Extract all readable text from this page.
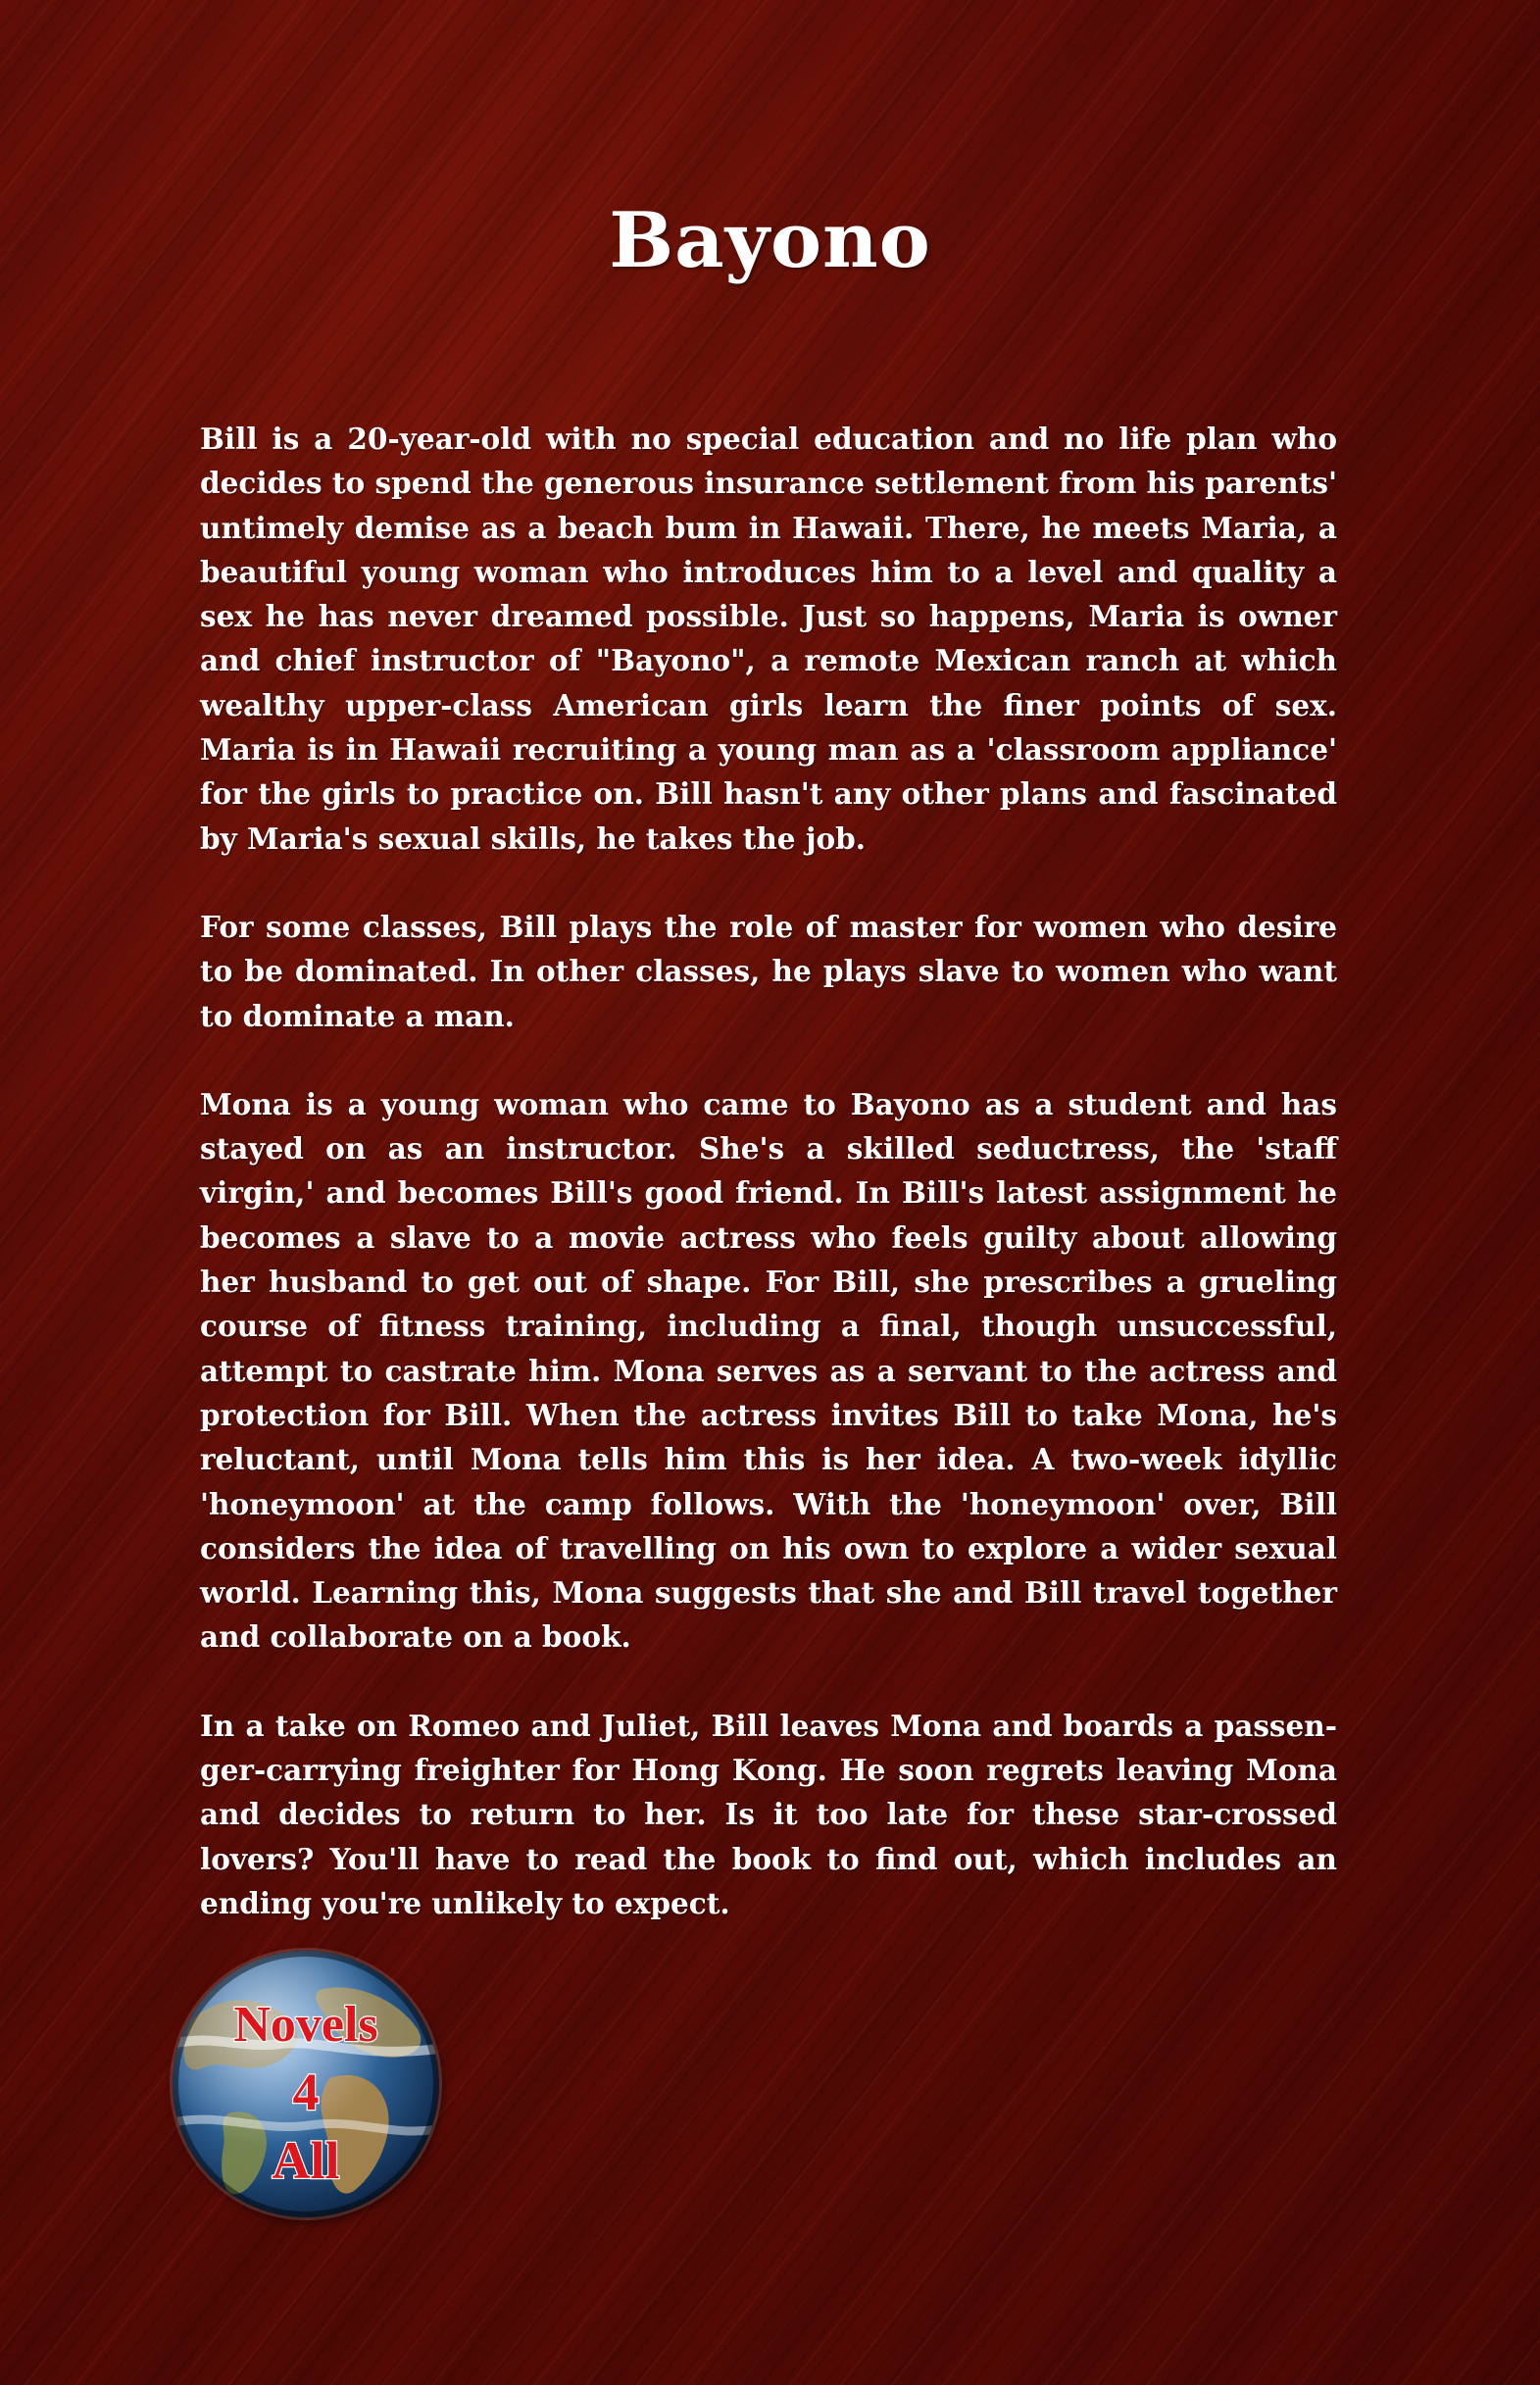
Bayono

Bill is a 20-year-old with no special education and no life plan who decides to spend the generous insurance settlement from his parents' untimely demise as a beach bum in Hawaii. There, he meets Maria, a beautiful young woman who introduces him to a level and quality a sex he has never dreamed possible. Just so happens, Maria is owner and chief instructor of "Bayono", a remote Mexican ranch at which wealthy upper-class American girls learn the finer points of sex. Maria is in Hawaii recruiting a young man as a 'classroom appliance' for the girls to practice on. Bill hasn't any other plans and fascinated by Maria's sexual skills, he takes the job.

For some classes, Bill plays the role of master for women who desire to be dominated. In other classes, he plays slave to women who want to dominate a man.

Mona is a young woman who came to Bayono as a student and has stayed on as an instructor. She's a skilled seductress, the 'staff virgin,' and becomes Bill's good friend. In Bill's latest assignment he becomes a slave to a movie actress who feels guilty about allowing her husband to get out of shape. For Bill, she prescribes a grueling course of fitness training, including a final, though unsuccessful, attempt to castrate him. Mona serves as a servant to the actress and protection for Bill. When the actress invites Bill to take Mona, he's reluctant, until Mona tells him this is her idea. A two-week idyllic 'honeymoon' at the camp follows. With the 'honeymoon' over, Bill considers the idea of travelling on his own to explore a wider sexual world. Learning this, Mona suggests that she and Bill travel together and collaborate on a book.

In a take on Romeo and Juliet, Bill leaves Mona and boards a passenger-carrying freighter for Hong Kong. He soon regrets leaving Mona and decides to return to her. Is it too late for these star-crossed lovers? You'll have to read the book to find out, which includes an ending you're unlikely to expect.

Novels
4
All
